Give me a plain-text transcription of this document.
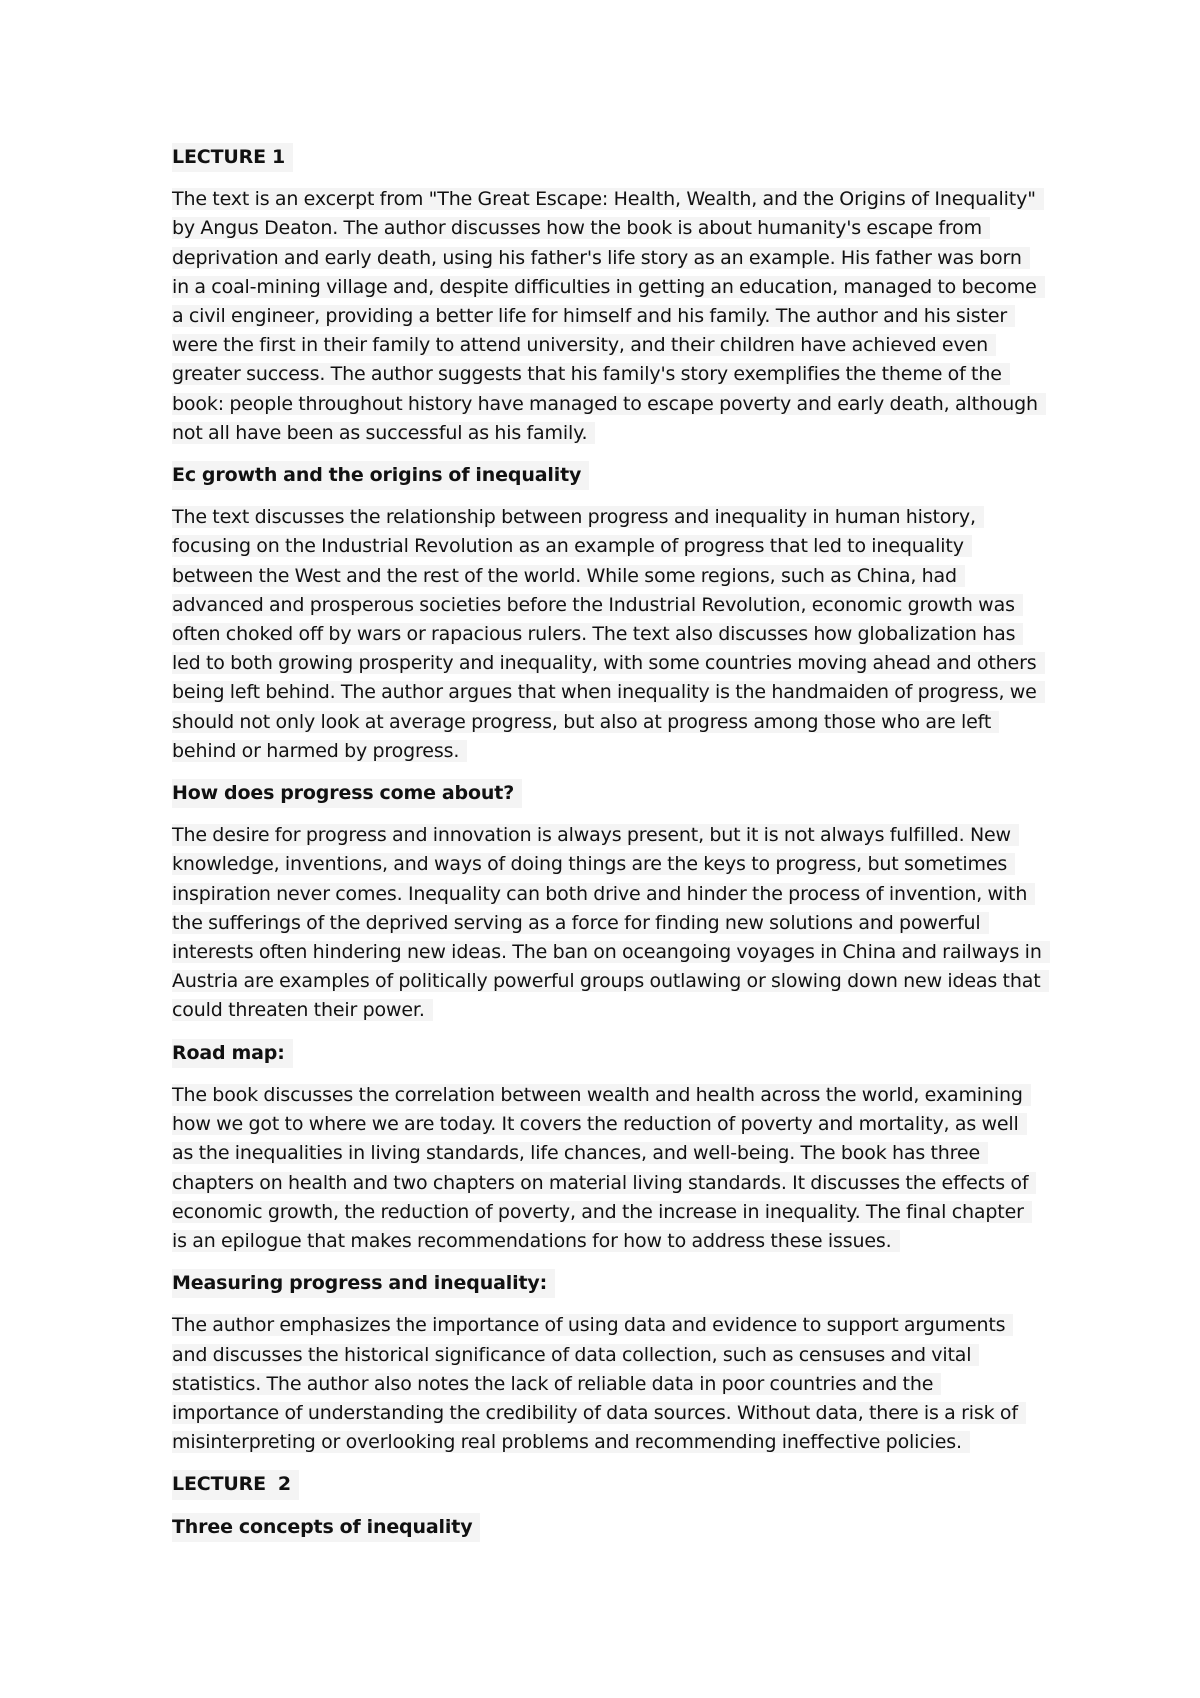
LECTURE 1

The text is an excerpt from "The Great Escape: Health, Wealth, and the Origins of Inequality" by Angus Deaton. The author discusses how the book is about humanity's escape from deprivation and early death, using his father's life story as an example. His father was born in a coal-mining village and, despite difficulties in getting an education, managed to become a civil engineer, providing a better life for himself and his family. The author and his sister were the first in their family to attend university, and their children have achieved even greater success. The author suggests that his family's story exemplifies the theme of the book: people throughout history have managed to escape poverty and early death, although not all have been as successful as his family.

Ec growth and the origins of inequality

The text discusses the relationship between progress and inequality in human history, focusing on the Industrial Revolution as an example of progress that led to inequality between the West and the rest of the world. While some regions, such as China, had advanced and prosperous societies before the Industrial Revolution, economic growth was often choked off by wars or rapacious rulers. The text also discusses how globalization has led to both growing prosperity and inequality, with some countries moving ahead and others being left behind. The author argues that when inequality is the handmaiden of progress, we should not only look at average progress, but also at progress among those who are left behind or harmed by progress.

How does progress come about?

The desire for progress and innovation is always present, but it is not always fulfilled. New knowledge, inventions, and ways of doing things are the keys to progress, but sometimes inspiration never comes. Inequality can both drive and hinder the process of invention, with the sufferings of the deprived serving as a force for finding new solutions and powerful interests often hindering new ideas. The ban on oceangoing voyages in China and railways in Austria are examples of politically powerful groups outlawing or slowing down new ideas that could threaten their power.

Road map:

The book discusses the correlation between wealth and health across the world, examining how we got to where we are today. It covers the reduction of poverty and mortality, as well as the inequalities in living standards, life chances, and well-being. The book has three chapters on health and two chapters on material living standards. It discusses the effects of economic growth, the reduction of poverty, and the increase in inequality. The final chapter is an epilogue that makes recommendations for how to address these issues.

Measuring progress and inequality:

The author emphasizes the importance of using data and evidence to support arguments and discusses the historical significance of data collection, such as censuses and vital statistics. The author also notes the lack of reliable data in poor countries and the importance of understanding the credibility of data sources. Without data, there is a risk of misinterpreting or overlooking real problems and recommending ineffective policies.

LECTURE  2
Three concepts of inequality
